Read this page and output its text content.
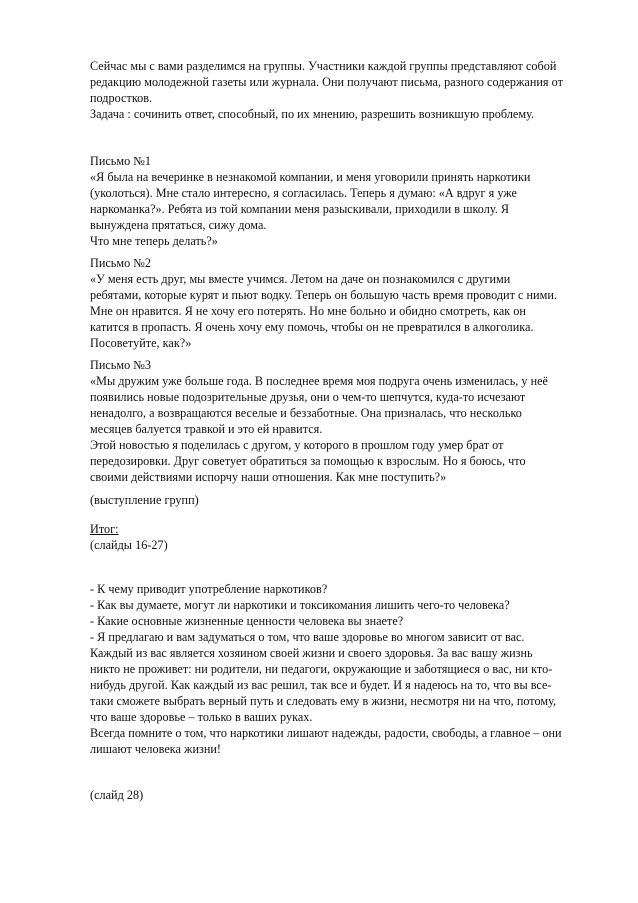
Сейчас мы с вами разделимся на группы. Участники каждой группы представляют собой
редакцию молодежной газеты или журнала. Они получают письма, разного содержания от
подростков.
Задача : сочинить ответ, способный, по их мнению, разрешить возникшую проблему.
Письмо №1
«Я была на вечеринке в незнакомой компании, и меня уговорили принять наркотики
(уколоться). Мне стало интересно, я согласилась. Теперь я думаю: «А вдруг я уже
наркоманка?». Ребята из той компании меня разыскивали, приходили в школу. Я
вынуждена прятаться, сижу дома.
Что мне теперь делать?»
Письмо №2
«У меня есть друг, мы вместе учимся. Летом на даче он познакомился с другими
ребятами, которые курят и пьют водку. Теперь он большую часть время проводит с ними.
Мне он нравится. Я не хочу его потерять. Но мне больно и обидно смотреть, как он
катится в пропасть. Я очень хочу ему помочь, чтобы он не превратился в алкоголика.
Посоветуйте, как?»
Письмо №3
«Мы дружим уже больше года. В последнее время моя подруга очень изменилась, у неё
появились новые подозрительные друзья, они о чем-то шепчутся, куда-то исчезают
ненадолго, а возвращаются веселые и беззаботные. Она призналась, что несколько
месяцев балуется травкой и это ей нравится.
Этой новостью я поделилась с другом, у которого в прошлом году умер брат от
передозировки. Друг советует обратиться за помощью к взрослым. Но я боюсь, что
своими действиями испорчу наши отношения. Как мне поступить?»
(выступление групп)
Итог:
(слайды 16-27)
- К чему приводит употребление наркотиков?
- Как вы думаете, могут ли наркотики и токсикомания лишить чего-то человека?
- Какие основные жизненные ценности человека вы знаете?
- Я предлагаю и вам задуматься о том, что ваше здоровье во многом зависит от вас.
Каждый из вас является хозяином своей жизни и своего здоровья. За вас вашу жизнь
никто не проживет: ни родители, ни педагоги, окружающие и заботящиеся о вас, ни кто-
нибудь другой. Как каждый из вас решил, так все и будет. И я надеюсь на то, что вы все-
таки сможете выбрать верный путь и следовать ему в жизни, несмотря ни на что, потому,
что ваше здоровье – только в ваших руках.
Всегда помните о том, что наркотики лишают надежды, радости, свободы, а главное – они
лишают человека жизни!
(слайд 28)
